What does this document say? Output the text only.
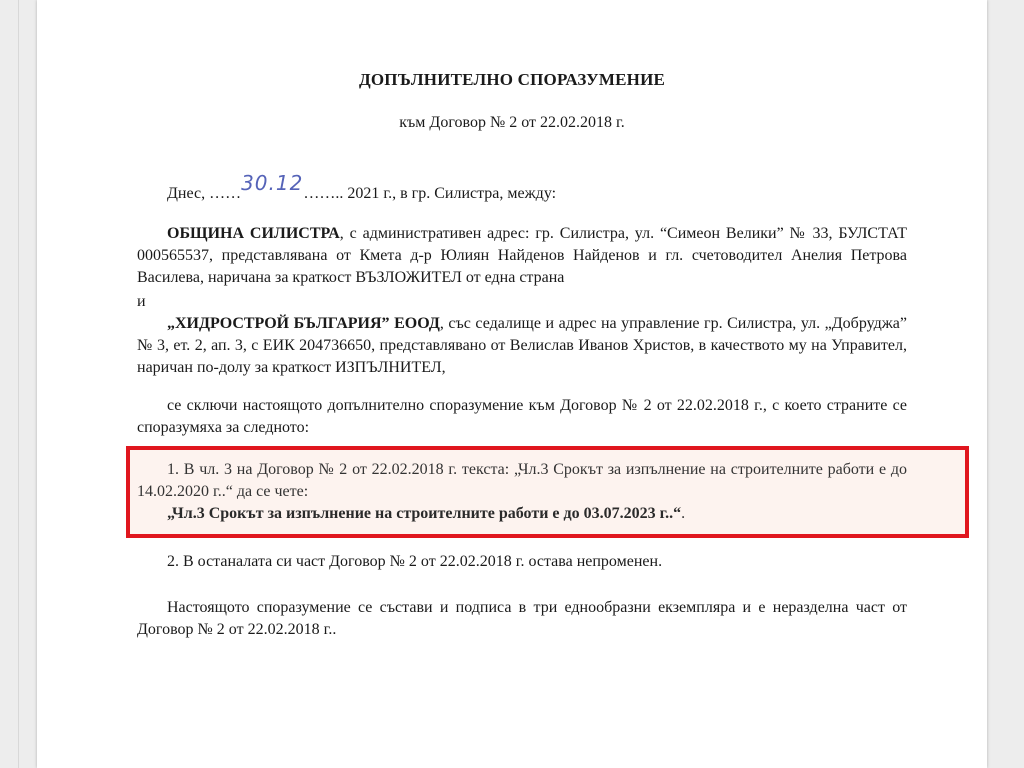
ДОПЪЛНИТЕЛНО СПОРАЗУМЕНИЕ
към Договор № 2 от 22.02.2018 г.
Днес, ……30.12…….. 2021 г., в гр. Силистра, между:
ОБЩИНА СИЛИСТРА, с административен адрес: гр. Силистра, ул. “Симеон Велики” № 33, БУЛСТАТ 000565537, представлявана от Кмета д-р Юлиян Найденов Найденов и гл. счетоводител Анелия Петрова Василева, наричана за краткост ВЪЗЛОЖИТЕЛ от една страна
и
„ХИДРОСТРОЙ БЪЛГАРИЯ” ЕООД, със седалище и адрес на управление гр. Силистра, ул. „Добруджа” № 3, ет. 2, ап. 3, с ЕИК 204736650, представлявано от Велислав Иванов Христов, в качеството му на Управител, наричан по-долу за краткост ИЗПЪЛНИТЕЛ,
се сключи настоящото допълнително споразумение към Договор № 2 от 22.02.2018 г., с което страните се споразумяха за следното:
1. В чл. 3 на Договор № 2 от 22.02.2018 г. текста: „Чл.3 Срокът за изпълнение на строителните работи е до 14.02.2020 г..“ да се чете:
„Чл.3 Срокът за изпълнение на строителните работи е до 03.07.2023 г..“.
2. В останалата си част Договор № 2 от 22.02.2018 г. остава непроменен.
Настоящото споразумение се състави и подписа в три еднообразни екземпляра и е неразделна част от Договор № 2 от 22.02.2018 г..
